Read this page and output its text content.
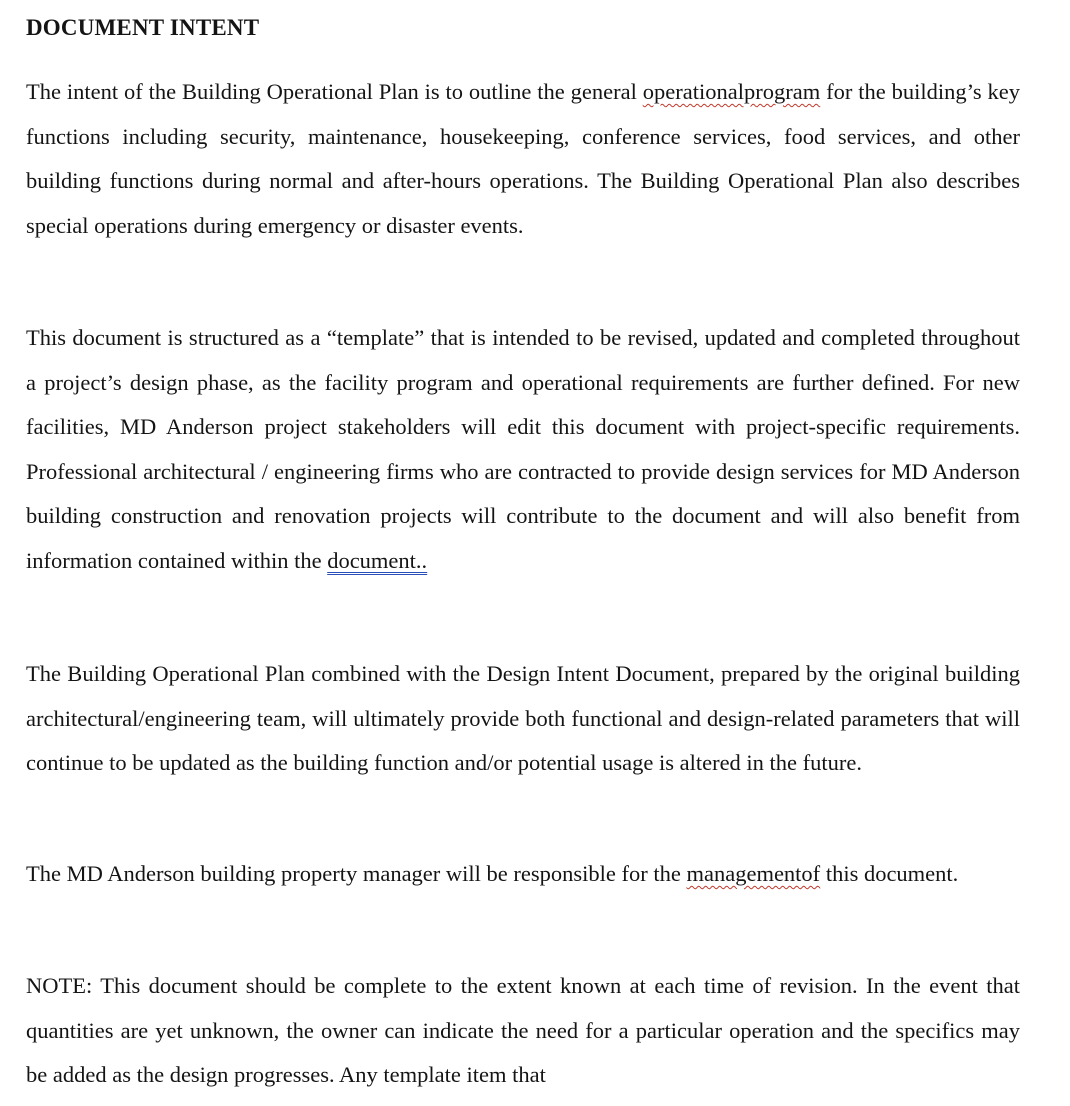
DOCUMENT INTENT

The intent of the Building Operational Plan is to outline the general operationalprogram for the building’s key functions including security, maintenance, housekeeping, conference services, food services, and other building functions during normal and after-hours operations. The Building Operational Plan also describes special operations during emergency or disaster events.

This document is structured as a “template” that is intended to be revised, updated and completed throughout a project’s design phase, as the facility program and operational requirements are further defined. For new facilities, MD Anderson project stakeholders will edit this document with project-specific requirements. Professional architectural / engineering firms who are contracted to provide design services for MD Anderson building construction and renovation projects will contribute to the document and will also benefit from information contained within the document..

The Building Operational Plan combined with the Design Intent Document, prepared by the original building architectural/engineering team, will ultimately provide both functional and design-related parameters that will continue to be updated as the building function and/or potential usage is altered in the future.

The MD Anderson building property manager will be responsible for the managementof this document.

NOTE: This document should be complete to the extent known at each time of revision. In the event that quantities are yet unknown, the owner can indicate the need for a particular operation and the specifics may be added as the design progresses. Any template item that
